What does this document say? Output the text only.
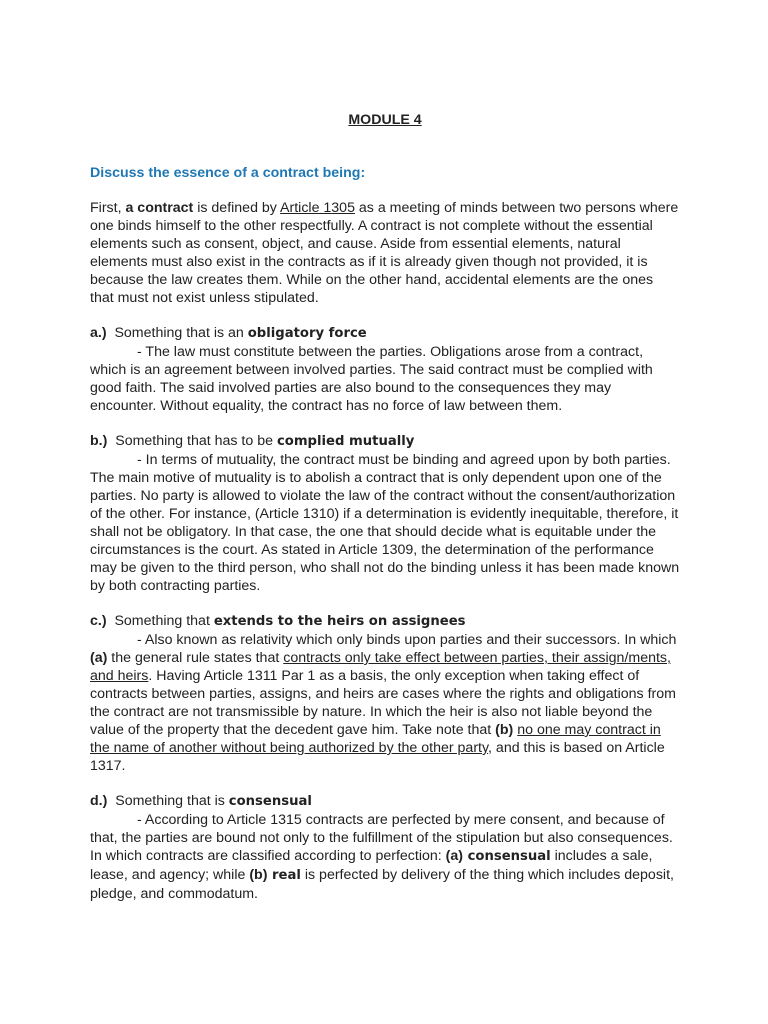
MODULE 4
Discuss the essence of a contract being:

First, a contract is defined by Article 1305 as a meeting of minds between two persons where one binds himself to the other respectfully. A contract is not complete without the essential elements such as consent, object, and cause. Aside from essential elements, natural elements must also exist in the contracts as if it is already given though not provided, it is because the law creates them. While on the other hand, accidental elements are the ones that must not exist unless stipulated.

a.) Something that is an obligatory force
- The law must constitute between the parties. Obligations arose from a contract, which is an agreement between involved parties. The said contract must be complied with good faith. The said involved parties are also bound to the consequences they may encounter. Without equality, the contract has no force of law between them.
b.) Something that has to be complied mutually
- In terms of mutuality, the contract must be binding and agreed upon by both parties. The main motive of mutuality is to abolish a contract that is only dependent upon one of the parties. No party is allowed to violate the law of the contract without the consent/authorization of the other. For instance, (Article 1310) if a determination is evidently inequitable, therefore, it shall not be obligatory. In that case, the one that should decide what is equitable under the circumstances is the court. As stated in Article 1309, the determination of the performance may be given to the third person, who shall not do the binding unless it has been made known by both contracting parties.
c.) Something that extends to the heirs on assignees
- Also known as relativity which only binds upon parties and their successors. In which (a) the general rule states that contracts only take effect between parties, their assign/ments, and heirs. Having Article 1311 Par 1 as a basis, the only exception when taking effect of contracts between parties, assigns, and heirs are cases where the rights and obligations from the contract are not transmissible by nature. In which the heir is also not liable beyond the value of the property that the decedent gave him. Take note that (b) no one may contract in the name of another without being authorized by the other party, and this is based on Article 1317.
d.) Something that is consensual
- According to Article 1315 contracts are perfected by mere consent, and because of that, the parties are bound not only to the fulfillment of the stipulation but also consequences. In which contracts are classified according to perfection: (a) consensual includes a sale, lease, and agency; while (b) real is perfected by delivery of the thing which includes deposit, pledge, and commodatum.
